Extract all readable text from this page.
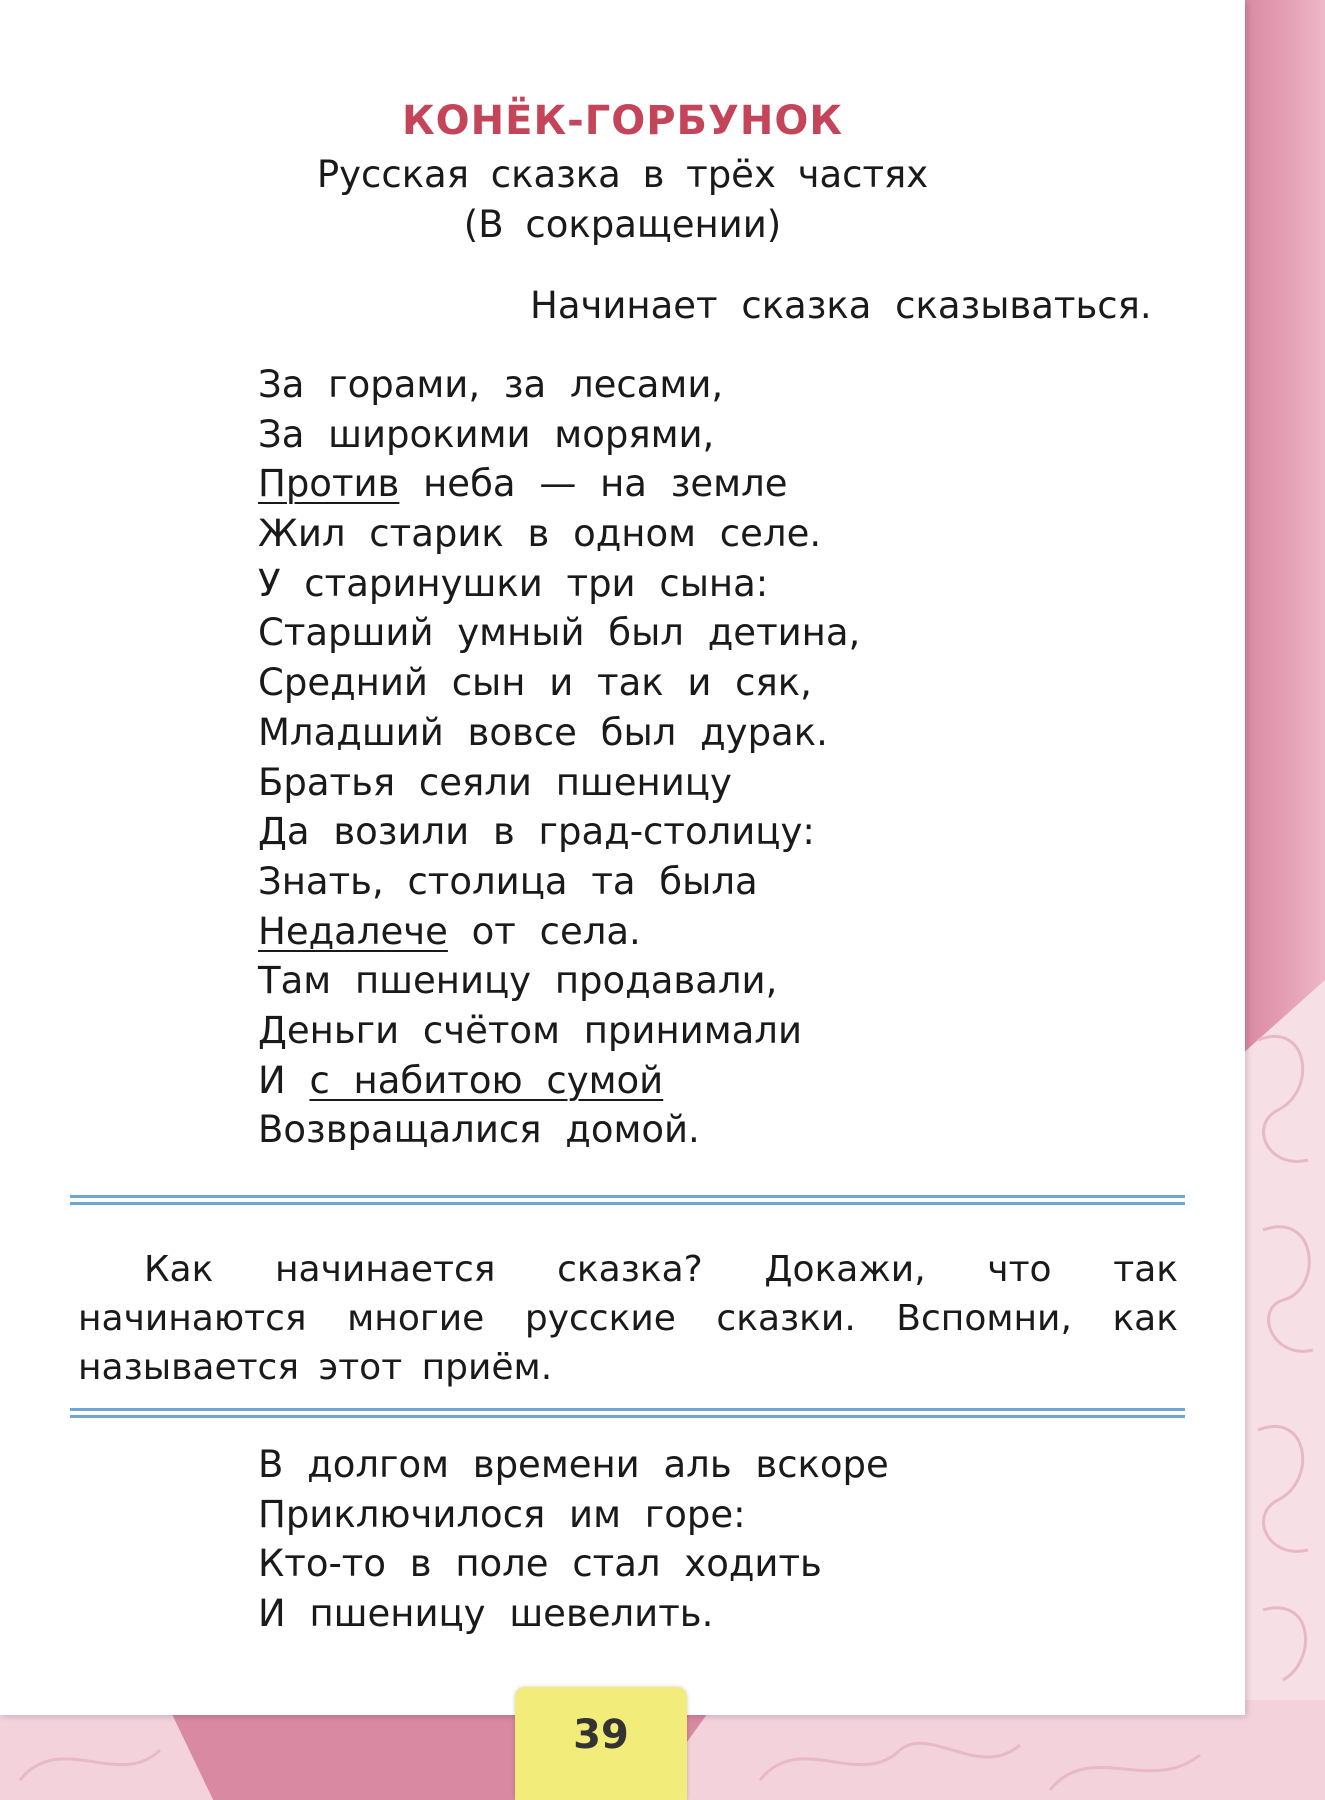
КОНЁК-ГОРБУНОК

Русская сказка в трёх частях

(В сокращении)

Начинает сказка сказываться.
За горами, за лесами,
За широкими морями,
Против неба — на земле
Жил старик в одном селе.
У старинушки три сына:
Старший умный был детина,
Средний сын и так и сяк,
Младший вовсе был дурак.
Братья сеяли пшеницу
Да возили в град-столицу:
Знать, столица та была
Недалече от села.
Там пшеницу продавали,
Деньги счётом принимали
И с набитою сумой
Возвращалися домой.

Как начинается сказка? Докажи, что так начинаются многие русские сказки. Вспомни, как называется этот приём.

В долгом времени аль вскоре
Приключилося им горе:
Кто-то в поле стал ходить
И пшеницу шевелить.
39
